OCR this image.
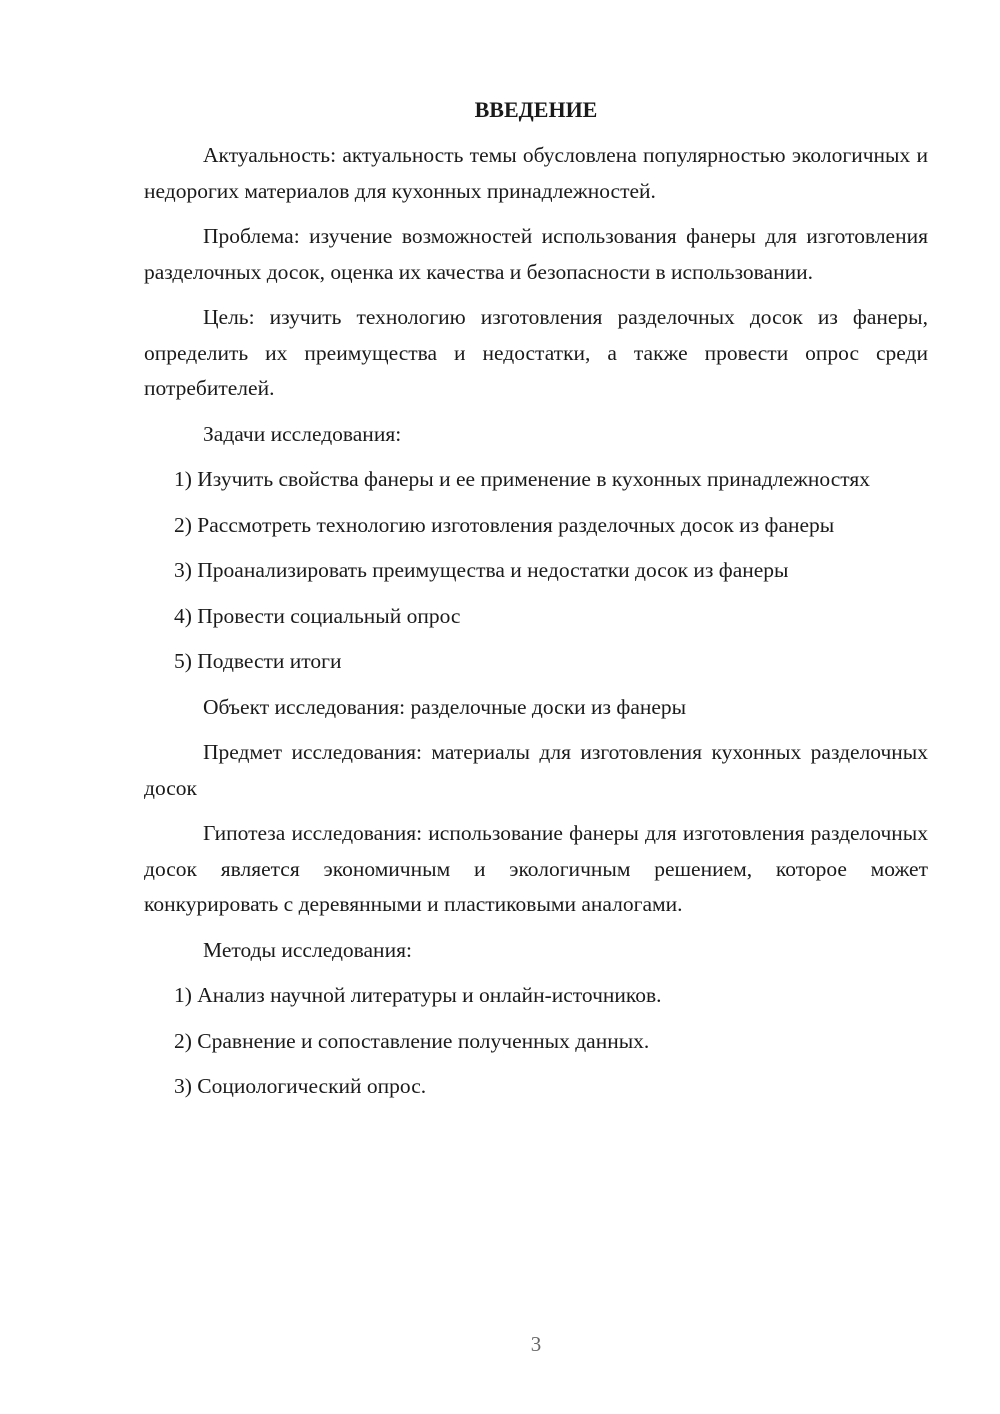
ВВЕДЕНИЕ

Актуальность: актуальность темы обусловлена популярностью экологичных и недорогих материалов для кухонных принадлежностей.

Проблема: изучение возможностей использования фанеры для изготовления разделочных досок, оценка их качества и безопасности в использовании.

Цель: изучить технологию изготовления разделочных досок из фанеры, определить их преимущества и недостатки, а также провести опрос среди потребителей.

Задачи исследования:

1) Изучить свойства фанеры и ее применение в кухонных принадлежностях

2) Рассмотреть технологию изготовления разделочных досок из фанеры

3) Проанализировать преимущества и недостатки досок из фанеры

4) Провести социальный опрос

5) Подвести итоги

Объект исследования: разделочные доски из фанеры

Предмет исследования: материалы для изготовления кухонных разделочных досок

Гипотеза исследования: использование фанеры для изготовления разделочных досок является экономичным и экологичным решением, которое может конкурировать с деревянными и пластиковыми аналогами.

Методы исследования:

1) Анализ научной литературы и онлайн-источников.

2) Сравнение и сопоставление полученных данных.

3) Социологический опрос.

3
